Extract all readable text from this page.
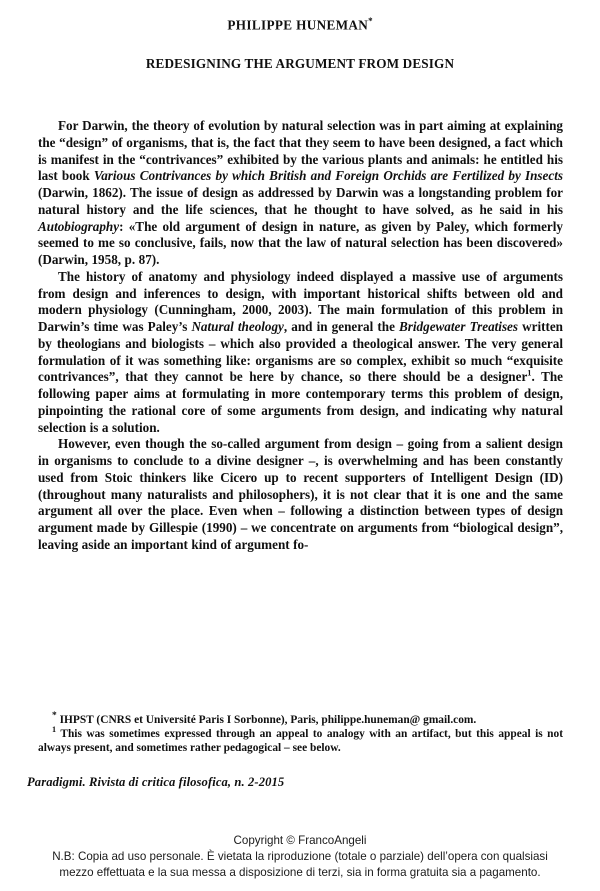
PHILIPPE HUNEMAN*
REDESIGNING THE ARGUMENT FROM DESIGN

For Darwin, the theory of evolution by natural selection was in part aiming at explaining the “design” of organisms, that is, the fact that they seem to have been designed, a fact which is manifest in the “contrivances” exhibited by the various plants and animals: he entitled his last book Various Contrivances by which British and Foreign Orchids are Fertilized by Insects (Darwin, 1862). The issue of design as addressed by Darwin was a longstanding problem for natural history and the life sciences, that he thought to have solved, as he said in his Autobiography: «The old argument of design in nature, as given by Paley, which formerly seemed to me so conclusive, fails, now that the law of natural selection has been discovered» (Darwin, 1958, p. 87).

The history of anatomy and physiology indeed displayed a massive use of arguments from design and inferences to design, with important historical shifts between old and modern physiology (Cunningham, 2000, 2003). The main formulation of this problem in Darwin’s time was Paley’s Natural theology, and in general the Bridgewater Treatises written by theologians and biologists – which also provided a theological answer. The very general formulation of it was something like: organisms are so complex, exhibit so much “exquisite contrivances”, that they cannot be here by chance, so there should be a designer$^1$. The following paper aims at formulating in more contemporary terms this problem of design, pinpointing the rational core of some arguments from design, and indicating why natural selection is a solution.

However, even though the so-called argument from design – going from a salient design in organisms to conclude to a divine designer –, is overwhelming and has been constantly used from Stoic thinkers like Cicero up to recent supporters of Intelligent Design (ID) (throughout many naturalists and philosophers), it is not clear that it is one and the same argument all over the place. Even when – following a distinction between types of design argument made by Gillespie (1990) – we concentrate on arguments from “biological design”, leaving aside an important kind of argument fo-

* IHPST (CNRS et Université Paris I Sorbonne), Paris, philippe.huneman@ gmail.com.

$^1$ This was sometimes expressed through an appeal to analogy with an artifact, but this appeal is not always present, and sometimes rather pedagogical – see below.

Paradigmi. Rivista di critica filosofica, n. 2-2015
Copyright © FrancoAngeli
N.B: Copia ad uso personale. È vietata la riproduzione (totale o parziale) dell’opera con qualsiasi
mezzo effettuata e la sua messa a disposizione di terzi, sia in forma gratuita sia a pagamento.
